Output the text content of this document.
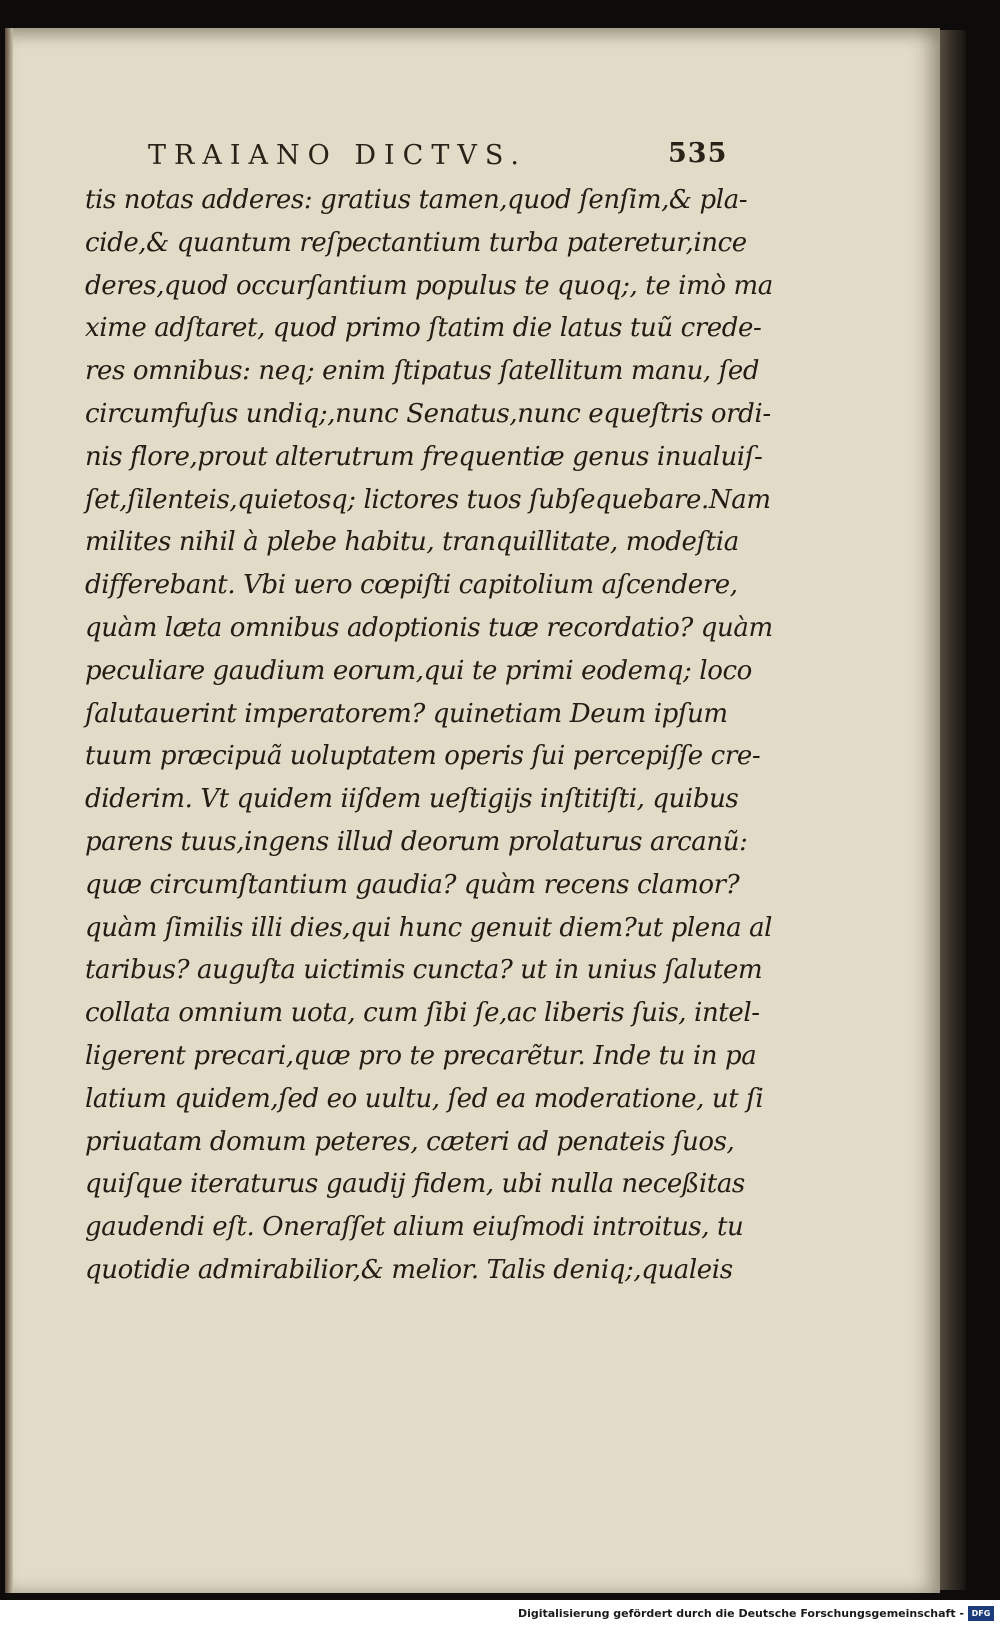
TRAIANO DICTVS.	535
tis notas adderes: gratius tamen,quod ſenſim,& pla-
cide,& quantum reſpectantium turba pateretur,ince
deres,quod occurſantium populus te quoq;, te imò ma
xime adſtaret, quod primo ſtatim die latus tuũ crede-
res omnibus: neq; enim ſtipatus ſatellitum manu, ſed
circumfuſus undiq;,nunc Senatus,nunc equeſtris ordi-
nis flore,prout alterutrum frequentiæ genus inualuiſ-
ſet,ſilenteis,quietosq; lictores tuos ſubſequebare.Nam
milites nihil à plebe habitu, tranquillitate, modeſtia
differebant. Vbi uero cœpiſti capitolium aſcendere,
quàm læta omnibus adoptionis tuæ recordatio? quàm
peculiare gaudium eorum,qui te primi eodemq; loco
ſalutauerint imperatorem? quinetiam Deum ipſum
tuum præcipuã uoluptatem operis ſui percepiſſe cre-
diderim. Vt quidem iiſdem ueſtigijs inſtitiſti, quibus
parens tuus,ingens illud deorum prolaturus arcanũ:
quæ circumſtantium gaudia? quàm recens clamor?
quàm ſimilis illi dies,qui hunc genuit diem?ut plena al
taribus? auguſta uictimis cuncta? ut in unius ſalutem
collata omnium uota, cum ſibi ſe,ac liberis ſuis, intel-
ligerent precari,quæ pro te precarẽtur. Inde tu in pa
latium quidem,ſed eo uultu, ſed ea moderatione, ut ſi
priuatam domum peteres, cæteri ad penateis ſuos,
quiſque iteraturus gaudij fidem, ubi nulla neceßitas
gaudendi eſt. Onerаſſet alium eiuſmodi introitus, tu
quotidie admirabilior,& melior. Talis deniq;,qualeis
Digitalisierung gefördert durch die Deutsche Forschungsgemeinschaft - DFG
